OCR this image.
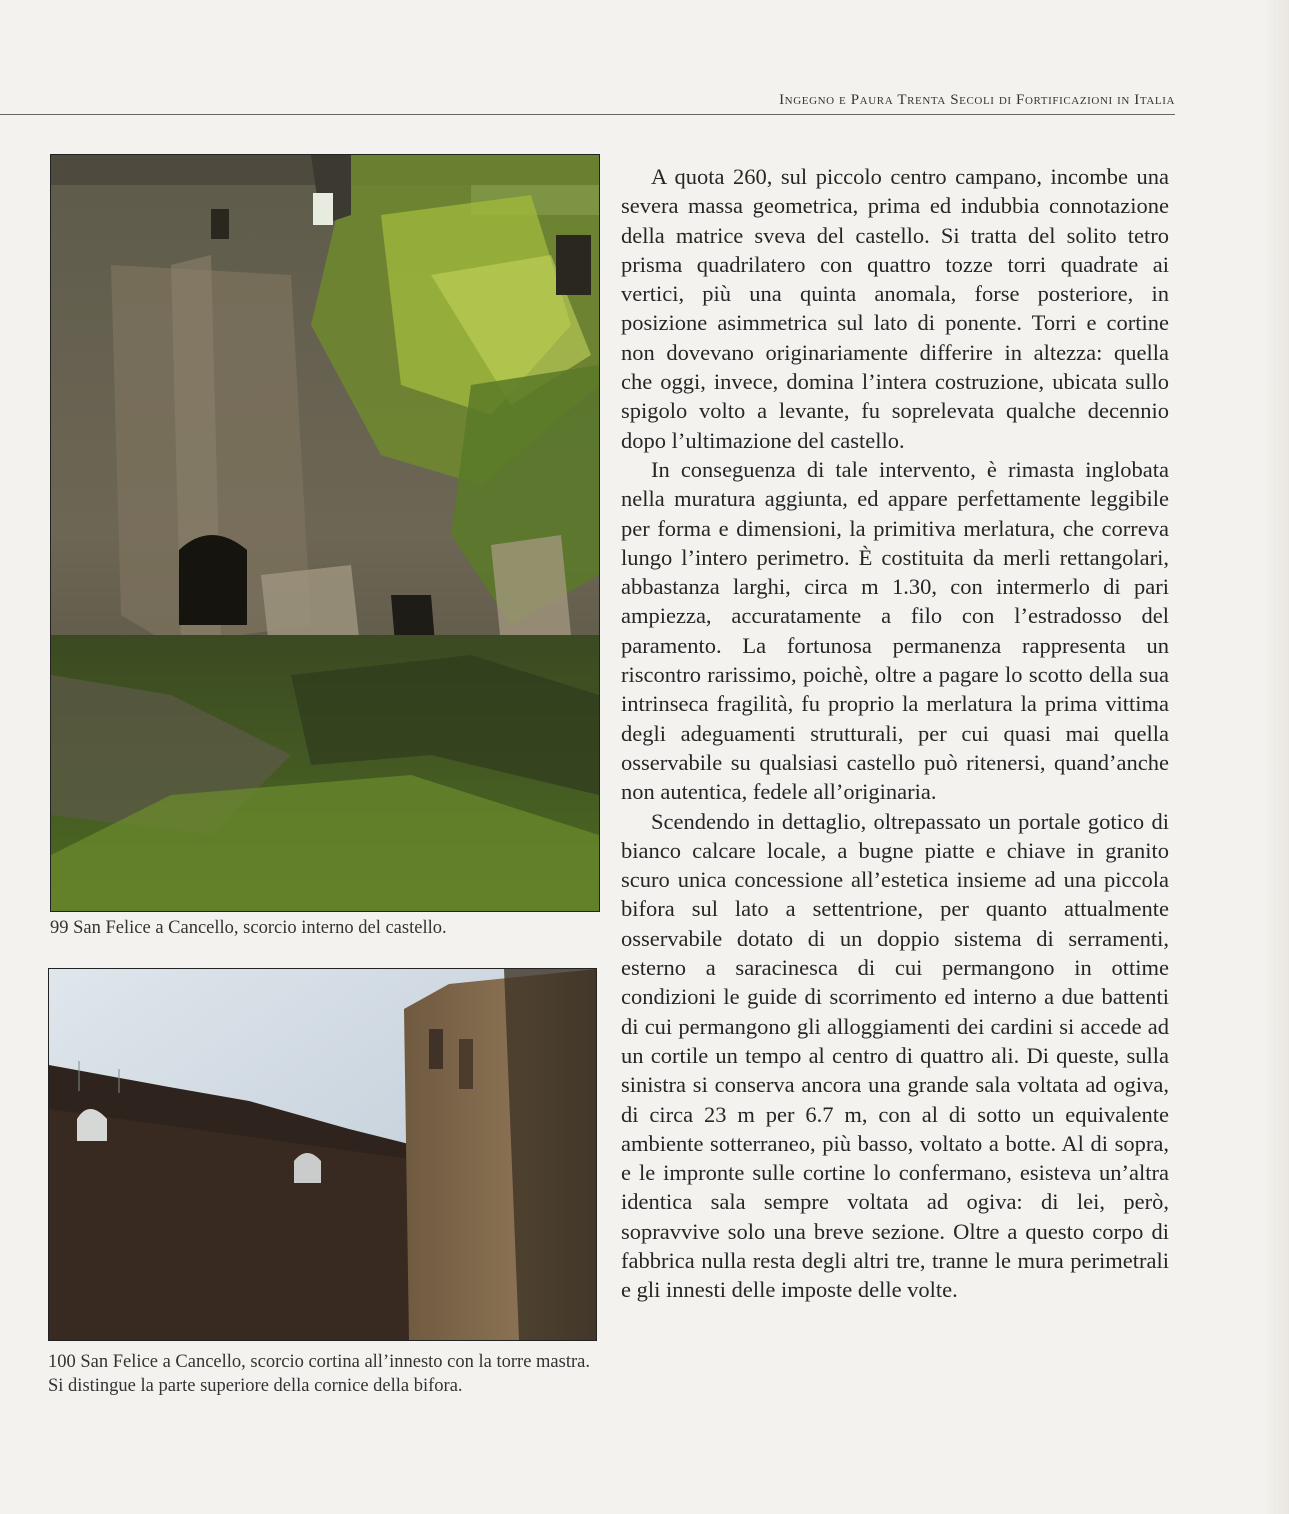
Ingegno e Paura Trenta Secoli di Fortificazioni in Italia
99 San Felice a Cancello, scorcio interno del castello.
100 San Felice a Cancello, scorcio cortina all’innesto con la torre mastra. Si distingue la parte superiore della cornice della bifora.

A quota 260, sul piccolo centro campano, incombe una severa massa geometrica, prima ed indubbia connotazione della matrice sveva del castello. Si tratta del solito tetro prisma quadrilatero con quattro tozze torri quadrate ai vertici, più una quinta anomala, forse posteriore, in posizione asimmetrica sul lato di ponente. Torri e cortine non dovevano originariamente differire in altezza: quella che oggi, invece, domina l’intera costruzione, ubicata sullo spigolo volto a levante, fu soprelevata qualche decennio dopo l’ultimazione del castello.

In conseguenza di tale intervento, è rimasta inglobata nella muratura aggiunta, ed appare perfettamente leggibile per forma e dimensioni, la primitiva merlatura, che correva lungo l’intero perimetro. È costituita da merli rettangolari, abbastanza larghi, circa m 1.30, con intermerlo di pari ampiezza, accuratamente a filo con l’estradosso del paramento. La fortunosa permanenza rappresenta un riscontro rarissimo, poichè, oltre a pagare lo scotto della sua intrinseca fragilità, fu proprio la merlatura la prima vittima degli adeguamenti strutturali, per cui quasi mai quella osservabile su qualsiasi castello può ritenersi, quand’anche non autentica, fedele all’originaria.

Scendendo in dettaglio, oltrepassato un portale gotico di bianco calcare locale, a bugne piatte e chiave in granito scuro unica concessione all’estetica insieme ad una piccola bifora sul lato a settentrione, per quanto attualmente osservabile dotato di un doppio sistema di serramenti, esterno a saracinesca di cui permangono in ottime condizioni le guide di scorrimento ed interno a due battenti di cui permangono gli alloggiamenti dei cardini si accede ad un cortile un tempo al centro di quattro ali. Di queste, sulla sinistra si conserva ancora una grande sala voltata ad ogiva, di circa 23 m per 6.7 m, con al di sotto un equivalente ambiente sotterraneo, più basso, voltato a botte. Al di sopra, e le impronte sulle cortine lo confermano, esisteva un’altra identica sala sempre voltata ad ogiva: di lei, però, sopravvive solo una breve sezione. Oltre a questo corpo di fabbrica nulla resta degli altri tre, tranne le mura perimetrali e gli innesti delle imposte delle volte.
